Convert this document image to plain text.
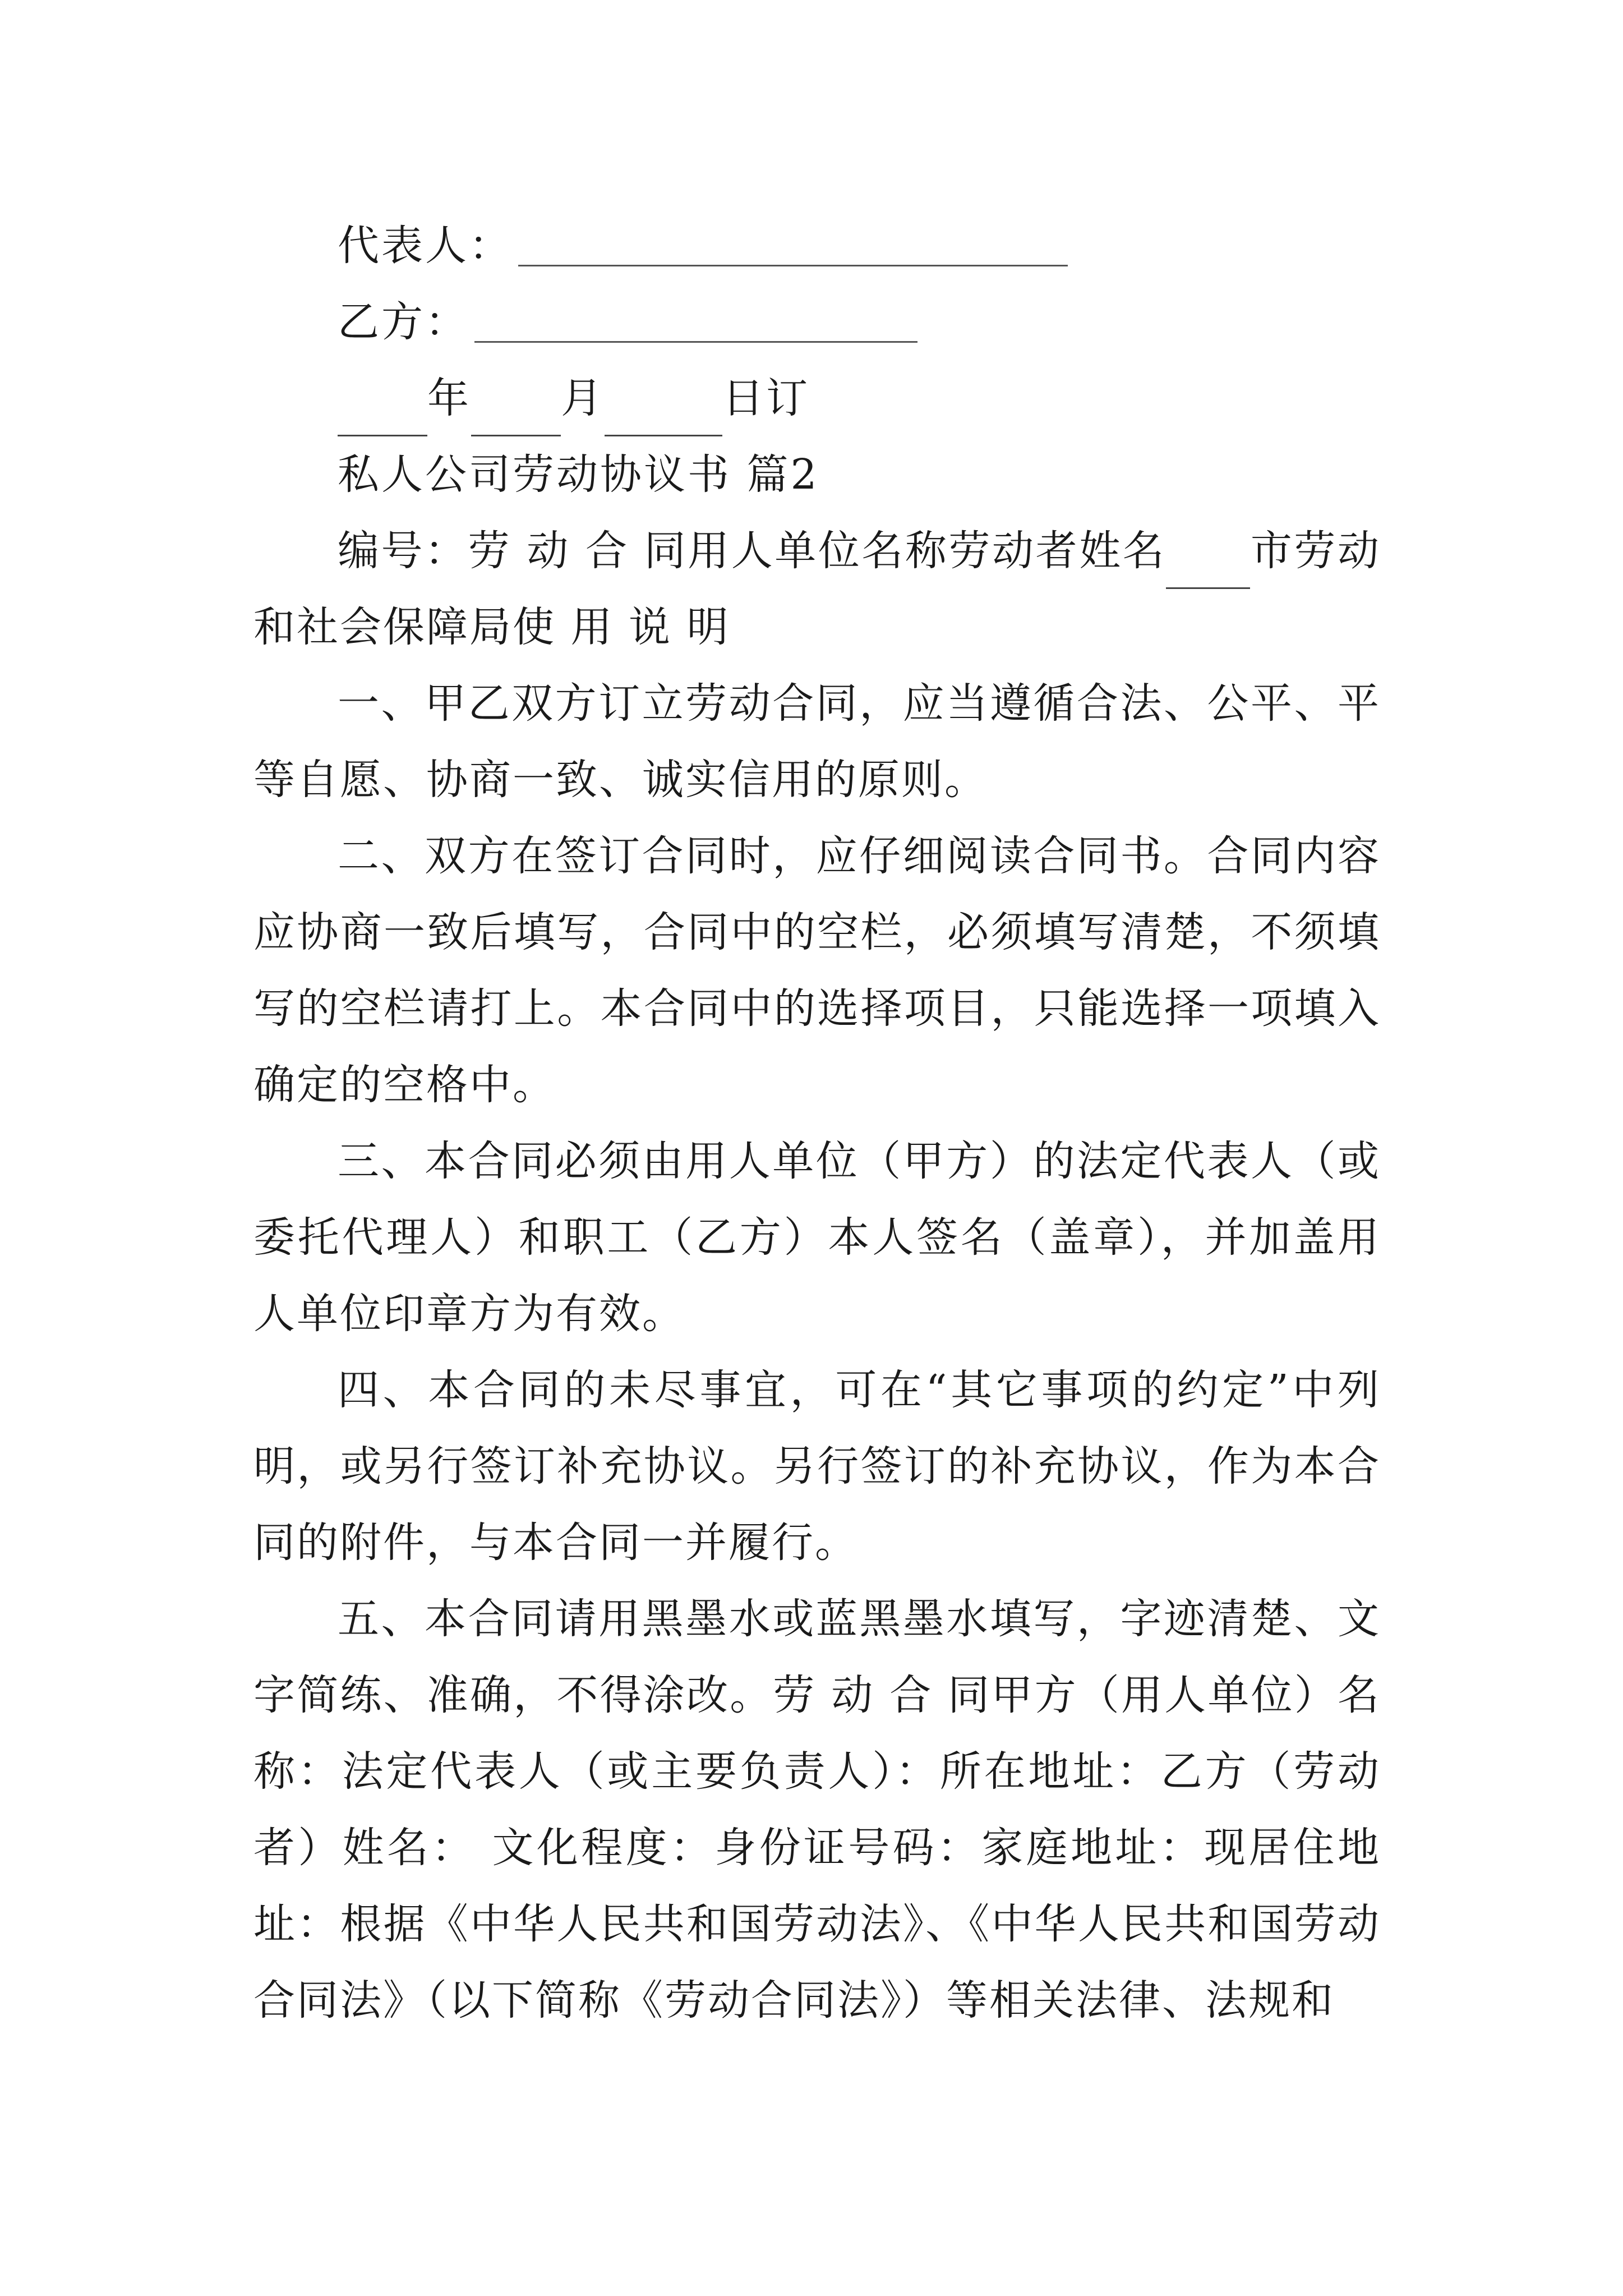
代表人：
乙方：
年 月	日订
私人公司劳动协议书 篇2

编号：劳 动 合 同用人单位名称劳动者姓名 市劳动和社会保障局使 用 说 明

一、甲乙双方订立劳动合同，应当遵循合法、公平、平等自愿、协商一致、诚实信用的原则。

二、双方在签订合同时，应仔细阅读合同书。合同内容应协商一致后填写，合同中的空栏，必须填写清楚，不须填写的空栏请打上。本合同中的选择项目，只能选择一项填入确定的空格中。

三、本合同必须由用人单位（甲方）的法定代表人（或委托代理人）和职工（乙方）本人签名（盖章），并加盖用人单位印章方为有效。

四、本合同的未尽事宜，可在“其它事项的约定”中列明，或另行签订补充协议。另行签订的补充协议，作为本合同的附件，与本合同一并履行。

五、本合同请用黑墨水或蓝黑墨水填写，字迹清楚、文字简练、准确，不得涂改。劳 动 合 同甲方（用人单位）名称：法定代表人（或主要负责人）：所在地址：乙方（劳动者）姓名： 文化程度：身份证号码：家庭地址：现居住地址：根据《中华人民共和国劳动法》、《中华人民共和国劳动合同法》（以下简称《劳动合同法》）等相关法律、法规和
